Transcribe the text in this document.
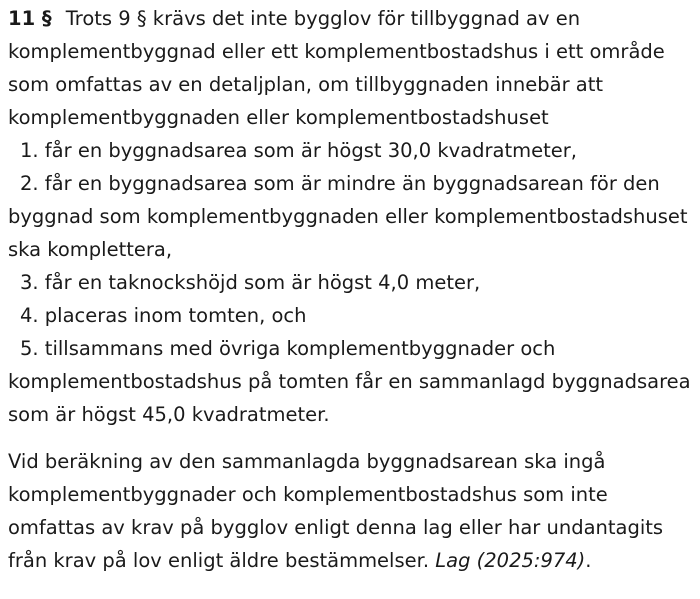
11 § Trots 9 § krävs det inte bygglov för tillbyggnad av en komplementbyggnad eller ett komplementbostadshus i ett område som omfattas av en detaljplan, om tillbyggnaden innebär att komplementbyggnaden eller komplementbostadshuset
1. får en byggnadsarea som är högst 30,0 kvadratmeter,
2. får en byggnadsarea som är mindre än byggnadsarean för den byggnad som komplementbyggnaden eller komplementbostadshuset ska komplettera,
3. får en taknockshöjd som är högst 4,0 meter,
4. placeras inom tomten, och
5. tillsammans med övriga komplementbyggnader och komplementbostadshus på tomten får en sammanlagd byggnadsarea som är högst 45,0 kvadratmeter.

Vid beräkning av den sammanlagda byggnadsarean ska ingå komplementbyggnader och komplementbostadshus som inte omfattas av krav på bygglov enligt denna lag eller har undantagits från krav på lov enligt äldre bestämmelser. Lag (2025:974).
